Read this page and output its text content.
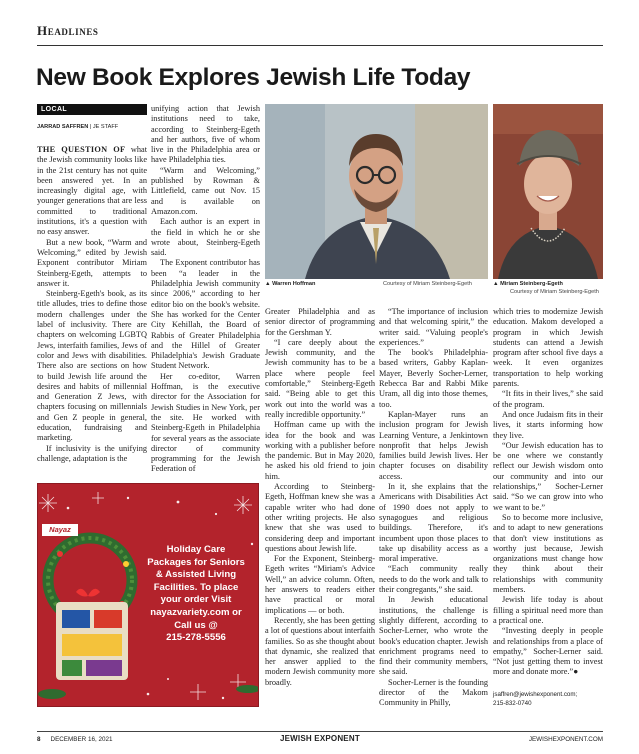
Headlines
New Book Explores Jewish Life Today
LOCAL
JARRAD SAFFREN | JE STAFF

THE QUESTION OF what the Jewish community looks like in the 21st century has not quite been answered yet. In an increasingly digital age, with younger generations that are less committed to traditional institutions, it's a question with no easy answer.

But a new book, “Warm and Welcoming,” edited by Jewish Exponent contributor Miriam Steinberg-Egeth, attempts to answer it.

Steinberg-Egeth's book, as its title alludes, tries to define those modern challenges under the label of inclusivity. There are chapters on welcoming LGBTQ Jews, interfaith families, Jews of color and Jews with disabilities. There also are sections on how to build Jewish life around the desires and habits of millennial and Generation Z Jews, with chapters focusing on millennials and Gen Z people in general, education, fundraising and marketing.

If inclusivity is the unifying challenge, adaptation is the

unifying action that Jewish institutions need to take, according to Steinberg-Egeth and her authors, five of whom live in the Philadelphia area or have Philadelphia ties.

“Warm and Welcoming,” published by Rowman & Littlefield, came out Nov. 15 and is available on Amazon.com.

Each author is an expert in the field in which he or she wrote about, Steinberg-Egeth said.

The Exponent contributor has been “a leader in the Philadelphia Jewish community since 2006,” according to her editor bio on the book's website. She has worked for the Center City Kehillah, the Board of Rabbis of Greater Philadelphia and the Hillel of Greater Philadelphia's Jewish Graduate Student Network.

Her co-editor, Warren Hoffman, is the executive director for the Association for Jewish Studies in New York, per the site. He worked with Steinberg-Egeth in Philadelphia for several years as the associate director of community programming for the Jewish Federation of

▲ Warren Hoffman	Courtesy of Miriam Steinberg-Egeth	▲ Miriam Steinberg-Egeth
Courtesy of Miriam Steinberg-Egeth

Greater Philadelphia and as senior director of programming for the Gershman Y.

“I care deeply about the Jewish community, and the Jewish community has to be a place where people feel comfortable,” Steinberg-Egeth said. “Being able to get this work out into the world was a really incredible opportunity.”

Hoffman came up with the idea for the book and was working with a publisher before the pandemic. But in May 2020, he asked his old friend to join him.

According to Steinberg-Egeth, Hoffman knew she was a capable writer who had done other writing projects. He also knew that she was used to considering deep and important questions about Jewish life.

For the Exponent, Steinberg-Egeth writes “Miriam's Advice Well,” an advice column. Often, her answers to readers either have practical or moral implications — or both.

Recently, she has been getting a lot of questions about interfaith families. So as she thought about that dynamic, she realized that her answer applied to the modern Jewish community more broadly.

“The importance of inclusion and that welcoming spirit,” the writer said. “Valuing people's experiences.”

The book's Philadelphia-based writers, Gabby Kaplan-Mayer, Beverly Socher-Lerner, Rebecca Bar and Rabbi Mike Uram, all dig into those themes, too.

Kaplan-Mayer runs an inclusion program for Jewish Learning Venture, a Jenkintown nonprofit that helps Jewish families build Jewish lives. Her chapter focuses on disability access.

In it, she explains that the Americans with Disabilities Act of 1990 does not apply to synagogues and religious buildings. Therefore, it's incumbent upon those places to take up disability access as a moral imperative.

“Each community really needs to do the work and talk to their congregants,” she said.

In Jewish educational institutions, the challenge is slightly different, according to Socher-Lerner, who wrote the book's education chapter. Jewish enrichment programs need to find their community members, she said.

Socher-Lerner is the founding director of the Makom Community in Philly,

which tries to modernize Jewish education. Makom developed a program in which Jewish students can attend a Jewish program after school five days a week. It even organizes transportation to help working parents.

“It fits in their lives,” she said of the program.

And once Judaism fits in their lives, it starts informing how they live.

“Our Jewish education has to be one where we constantly reflect our Jewish wisdom onto our community and into our relationships,” Socher-Lerner said. “So we can grow into who we want to be.”

So to become more inclusive, and to adapt to new generations that don't view institutions as worthy just because, Jewish organizations must change how they think about their relationships with community members.

Jewish life today is about filling a spiritual need more than a practical one.

“Investing deeply in people and relationships from a place of empathy,” Socher-Lerner said. “Not just getting them to invest more and donate more.”●

jsaffren@jewishexponent.com;
215-832-0740
Nayaz
Holiday Care
Packages for Seniors
& Assisted Living
Facilities. To place
your order Visit
nayazvariety.com or
Call us @
215-278-5556
8 DECEMBER 16, 2021	JEWISH EXPONENT	JEWISHEXPONENT.COM
